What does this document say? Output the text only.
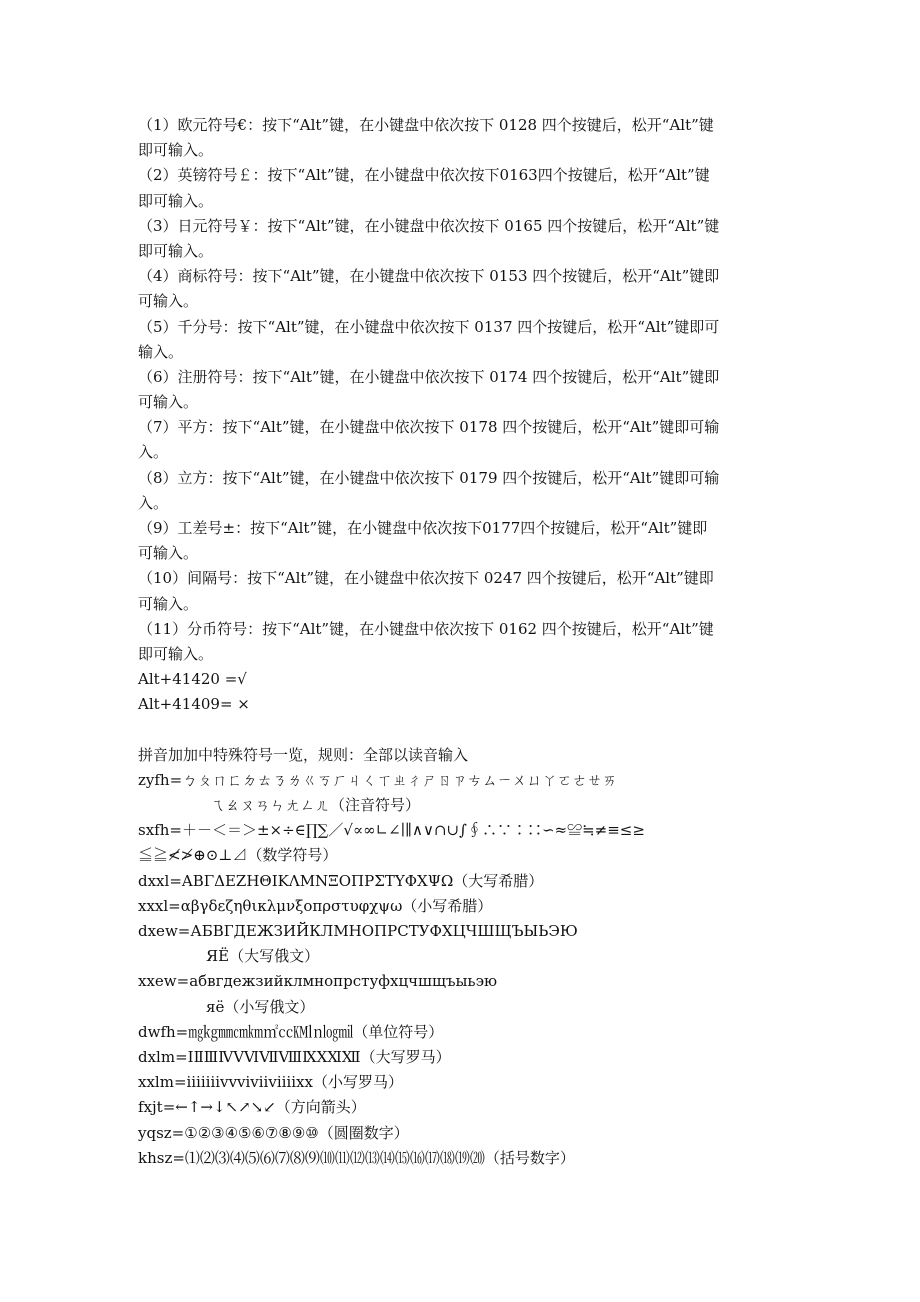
（1）欧元符号€：按下“Alt”键，在小键盘中依次按下 0128 四个按键后，松开“Alt”键
即可输入。
（2）英镑符号￡：按下“Alt”键，在小键盘中依次按下0163四个按键后，松开“Alt”键
即可输入。
（3）日元符号￥：按下“Alt”键，在小键盘中依次按下 0165 四个按键后，松开“Alt”键
即可输入。
（4）商标符号：按下“Alt”键，在小键盘中依次按下 0153 四个按键后，松开“Alt”键即
可输入。
（5）千分号：按下“Alt”键，在小键盘中依次按下 0137 四个按键后，松开“Alt”键即可
输入。
（6）注册符号：按下“Alt”键，在小键盘中依次按下 0174 四个按键后，松开“Alt”键即
可输入。
（7）平方：按下“Alt”键，在小键盘中依次按下 0178 四个按键后，松开“Alt”键即可输
入。
（8）立方：按下“Alt”键，在小键盘中依次按下 0179 四个按键后，松开“Alt”键即可输
入。
（9）工差号±：按下“Alt”键，在小键盘中依次按下0177四个按键后，松开“Alt”键即
可输入。
（10）间隔号：按下“Alt”键，在小键盘中依次按下 0247 四个按键后，松开“Alt”键即
可输入。
（11）分币符号：按下“Alt”键，在小键盘中依次按下 0162 四个按键后，松开“Alt”键
即可输入。
Alt+41420 =√
Alt+41409= ×
拼音加加中特殊符号一览，规则：全部以读音输入
zyfh=ㄅㄆㄇㄈㄉㄊㄋㄌㄍㄎㄏㄐㄑㄒㄓㄔㄕㄖㄗㄘㄙㄧㄨㄩㄚㄛㄜㄝㄞ
ㄟㄠㄡㄢㄣㄤㄥㄦ（注音符号）
sxfh=＋－＜＝＞±×÷∈∏∑／√∝∞∟∠∣∥∧∨∩∪∫∮∴∵∶∷∽≈≌≒≠≡≤≥
≦≧≮≯⊕⊙⊥⊿（数学符号）
dxxl=ΑΒΓΔΕΖΗΘΙΚΛΜΝΞΟΠΡΣΤΥΦΧΨΩ（大写希腊）
xxxl=αβγδεζηθικλμνξοπρστυφχψω（小写希腊）
dxew=АБВГДЕЖЗИЙКЛМНОПРСТУФХЦЧШЩЪЫЬЭЮ
ЯЁ（大写俄文）
xxew=абвгдежзийклмнопрстуфхцчшщъыьэю
яё（小写俄文）
dwfh=㎎㎏㎜㎝㎞㎡㏄㏎㏑㏒㏕（单位符号）
dxlm=ⅠⅡⅢⅣⅤⅥⅦⅧⅨⅩⅪⅫ（大写罗马）
xxlm=ⅰⅱⅲⅳⅴⅵⅶⅷⅸⅹ（小写罗马）
fxjt=←↑→↓↖↗↘↙（方向箭头）
yqsz=①②③④⑤⑥⑦⑧⑨⑩（圆圈数字）
khsz=⑴⑵⑶⑷⑸⑹⑺⑻⑼⑽⑾⑿⒀⒁⒂⒃⒄⒅⒆⒇（括号数字）
